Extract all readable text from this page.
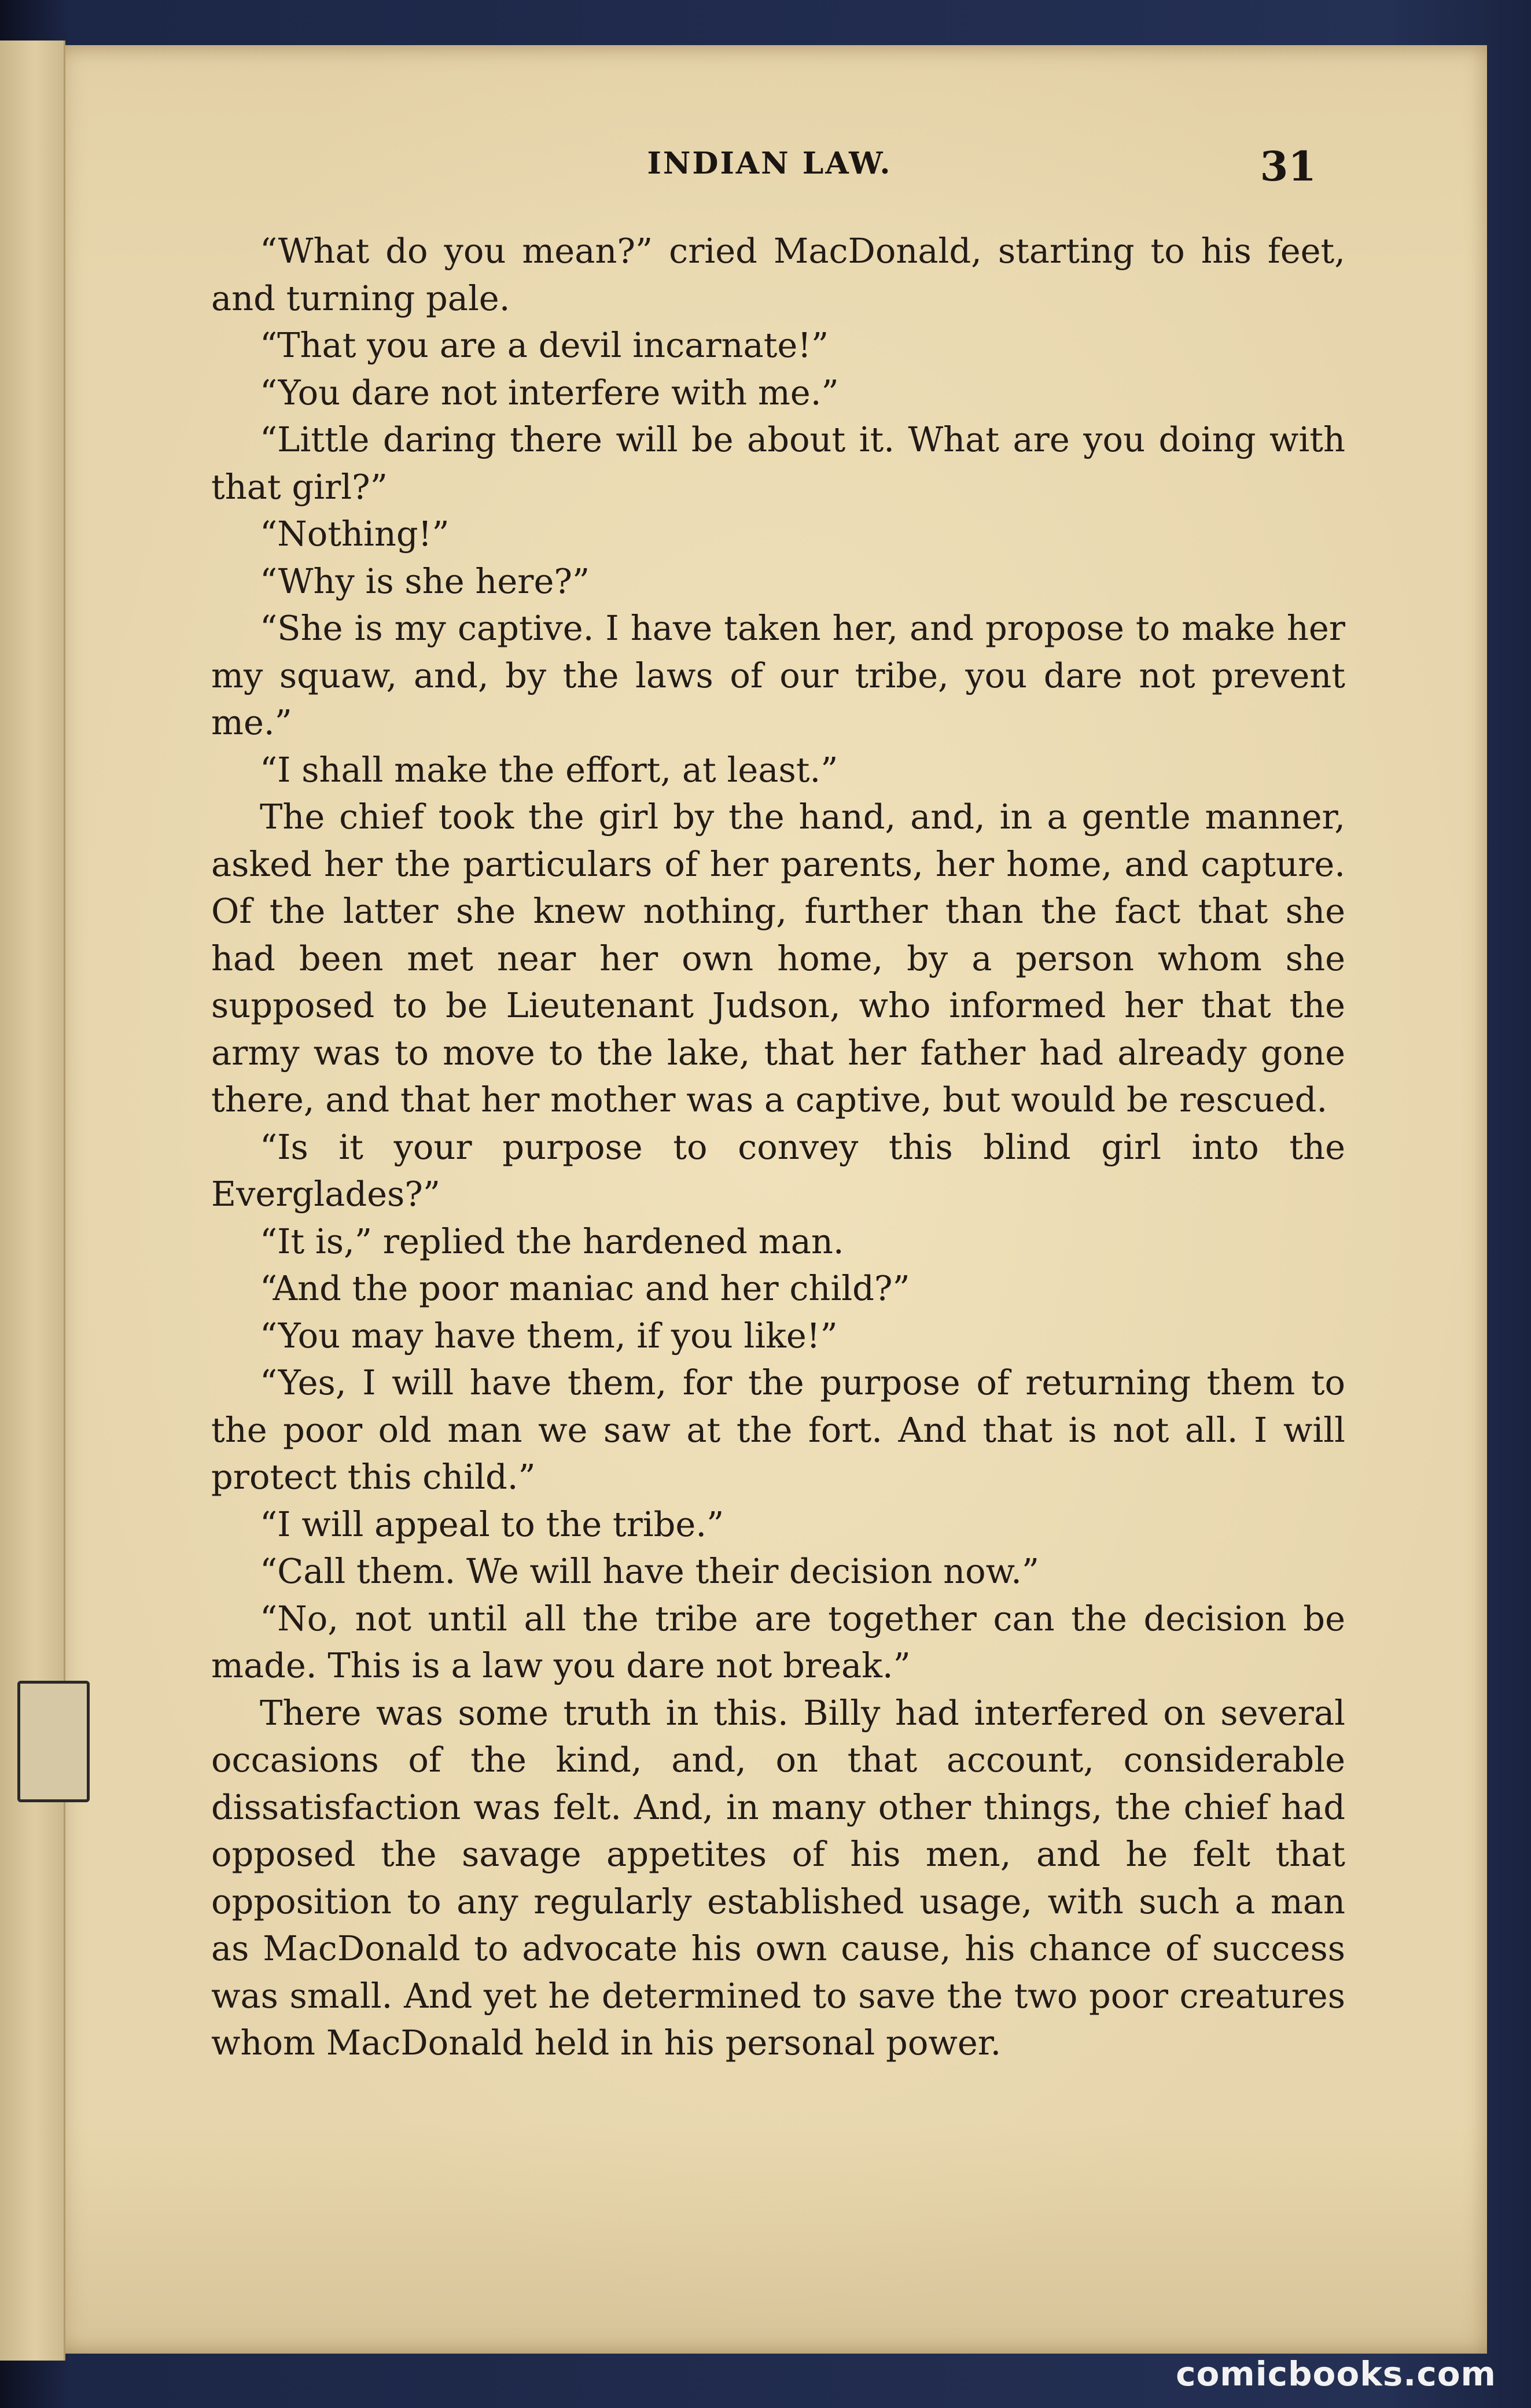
INDIAN LAW.	31

“What do you mean?” cried MacDonald, starting to his feet, and turning pale.

“That you are a devil incarnate!”

“You dare not interfere with me.”

“Little daring there will be about it. What are you doing with that girl?”

“Nothing!”

“Why is she here?”

“She is my captive. I have taken her, and propose to make her my squaw, and, by the laws of our tribe, you dare not prevent me.”

“I shall make the effort, at least.”

The chief took the girl by the hand, and, in a gentle manner, asked her the particulars of her parents, her home, and capture. Of the latter she knew nothing, further than the fact that she had been met near her own home, by a person whom she supposed to be Lieutenant Judson, who informed her that the army was to move to the lake, that her father had already gone there, and that her mother was a captive, but would be rescued.

“Is it your purpose to convey this blind girl into the Everglades?”

“It is,” replied the hardened man.

“And the poor maniac and her child?”

“You may have them, if you like!”

“Yes, I will have them, for the purpose of returning them to the poor old man we saw at the fort. And that is not all. I will protect this child.”

“I will appeal to the tribe.”

“Call them. We will have their decision now.”

“No, not until all the tribe are together can the decision be made. This is a law you dare not break.”

There was some truth in this. Billy had interfered on several occasions of the kind, and, on that account, considerable dissatisfaction was felt. And, in many other things, the chief had opposed the savage appetites of his men, and he felt that opposition to any regularly established usage, with such a man as MacDonald to advocate his own cause, his chance of success was small. And yet he determined to save the two poor creatures whom MacDonald held in his personal power.

comicbooks.com
